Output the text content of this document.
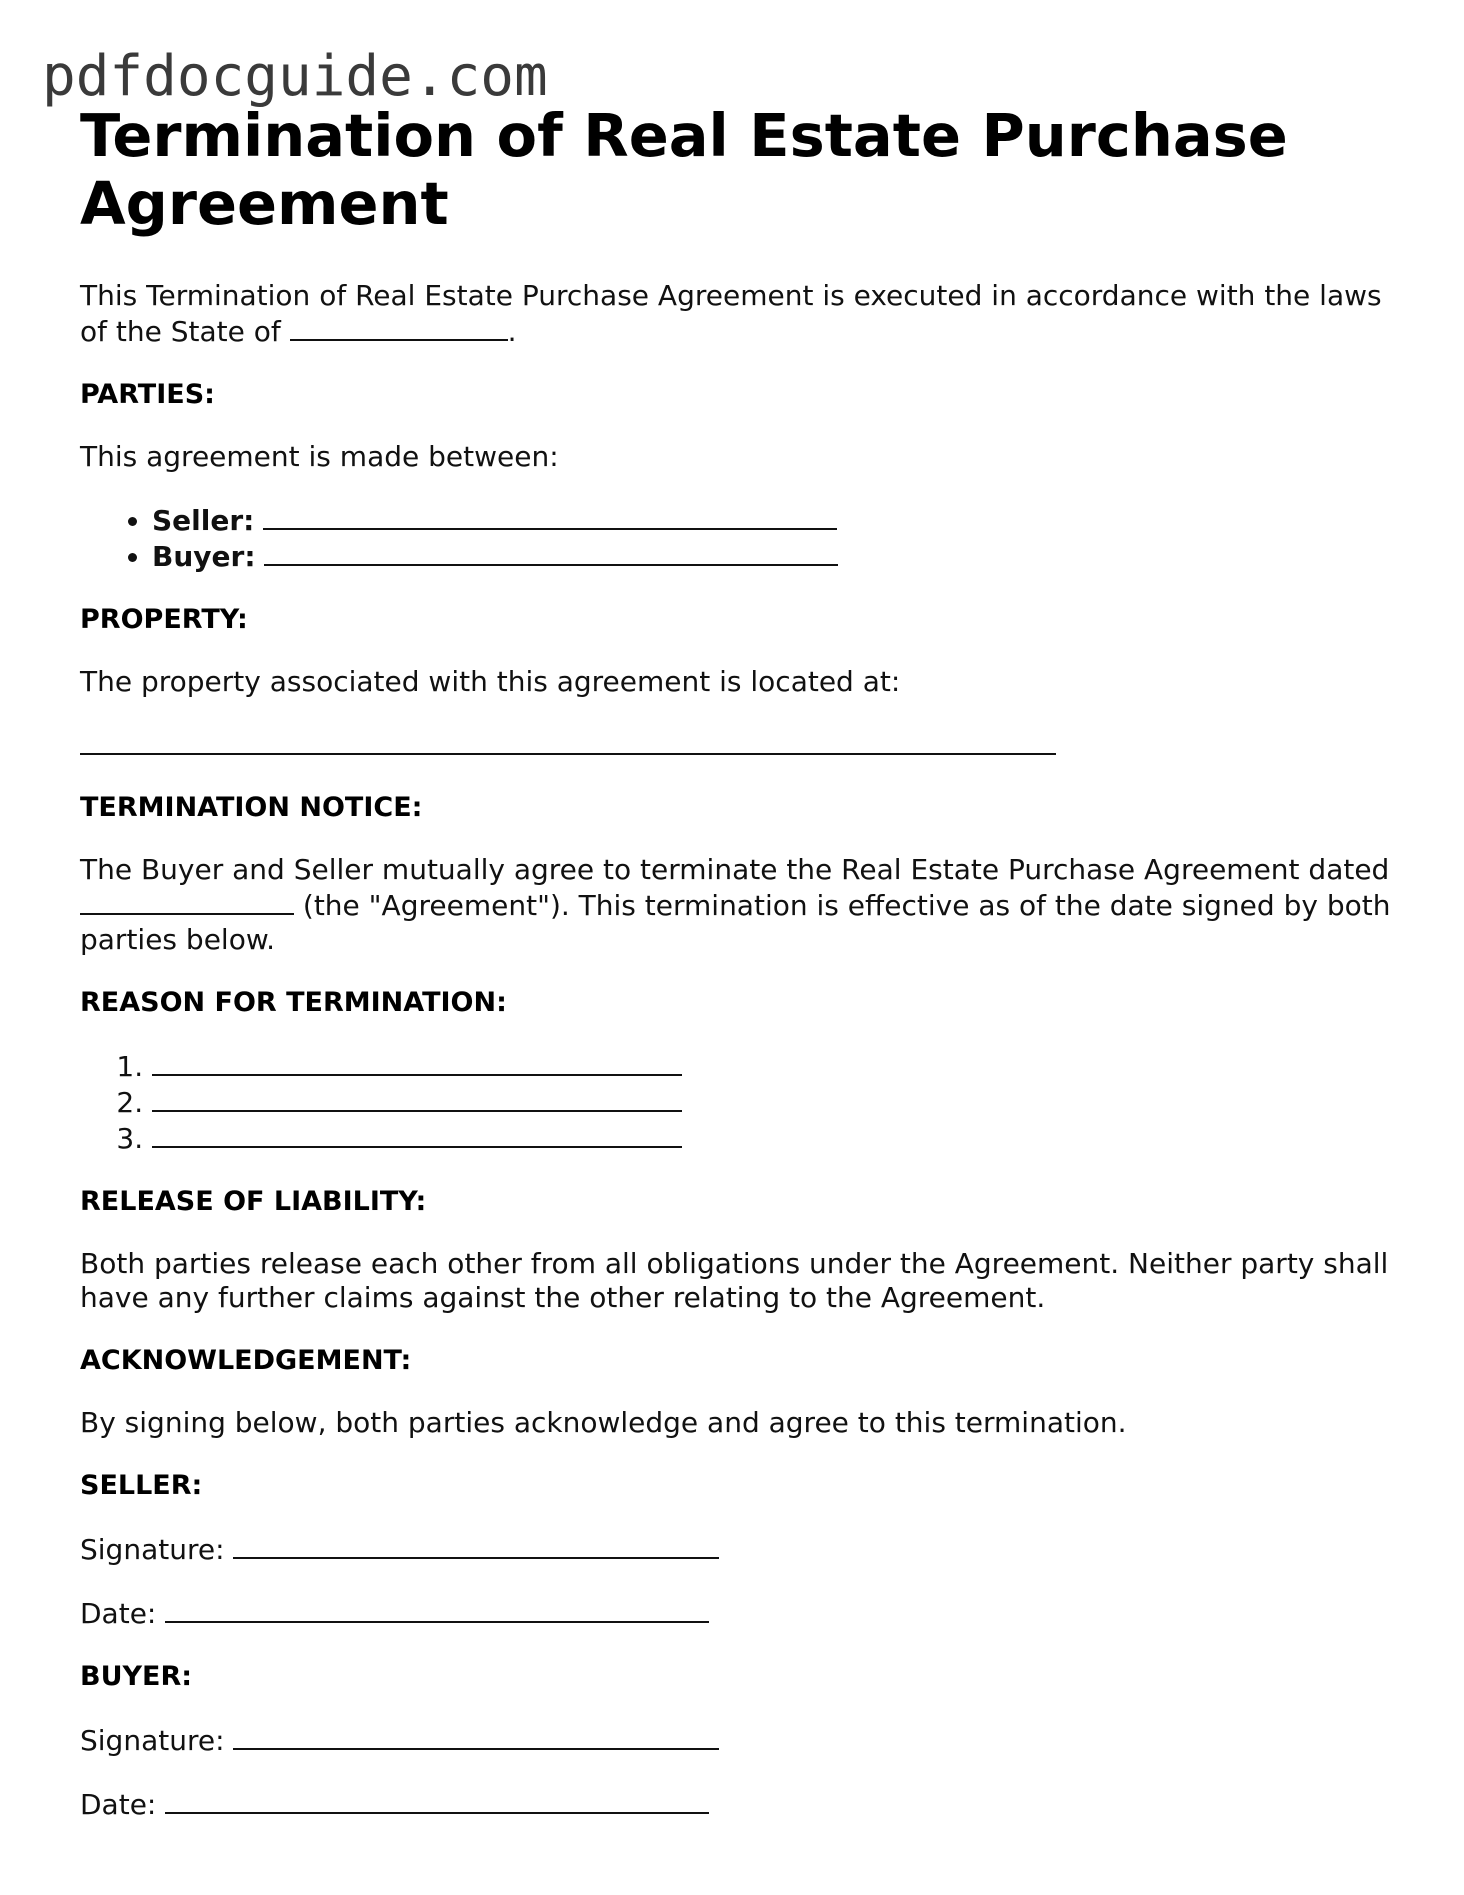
pdfdocguide.com
Termination of Real Estate Purchase Agreement

This Termination of Real Estate Purchase Agreement is executed in accordance with the laws of the State of	.

PARTIES:

This agreement is made between:

• Seller:
• Buyer:

PROPERTY:

The property associated with this agreement is located at:

TERMINATION NOTICE:

The Buyer and Seller mutually agree to terminate the Real Estate Purchase Agreement dated  (the "Agreement"). This termination is effective as of the date signed by both parties below.

REASON FOR TERMINATION:

1.
2.
3.

RELEASE OF LIABILITY:

Both parties release each other from all obligations under the Agreement. Neither party shall have any further claims against the other relating to the Agreement.

ACKNOWLEDGEMENT:

By signing below, both parties acknowledge and agree to this termination.

SELLER:

Signature:

Date:

BUYER:

Signature:

Date:
